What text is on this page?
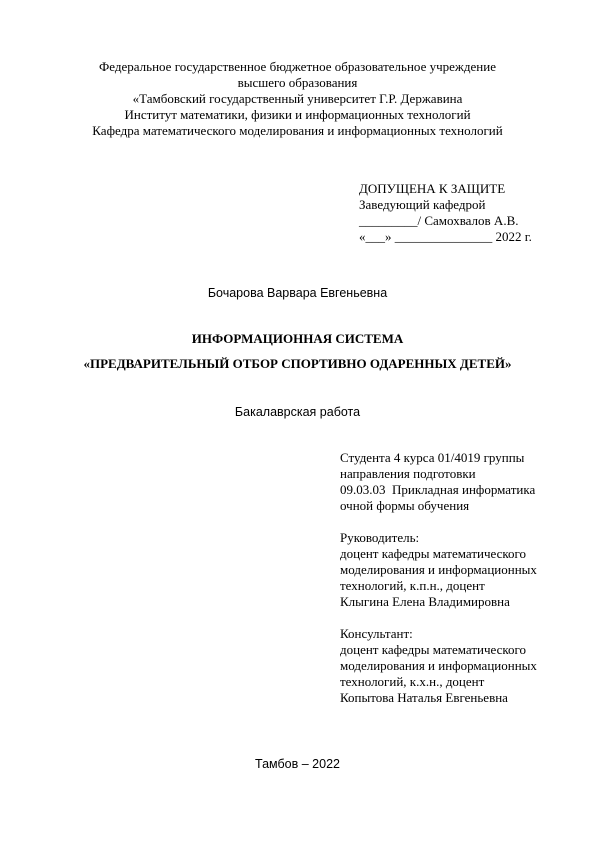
Федеральное государственное бюджетное образовательное учреждение
высшего образования
«Тамбовский государственный университет Г.Р. Державина
Институт математики, физики и информационных технологий
Кафедра математического моделирования и информационных технологий
ДОПУЩЕНА К ЗАЩИТЕ
Заведующий кафедрой
_________/ Самохвалов А.В.
«___» _______________ 2022 г.
Бочарова Варвара Евгеньевна
ИНФОРМАЦИОННАЯ СИСТЕМА
«ПРЕДВАРИТЕЛЬНЫЙ ОТБОР СПОРТИВНО ОДАРЕННЫХ ДЕТЕЙ»
Бакалаврская работа
Студента 4 курса 01/4019 группы
направления подготовки
09.03.03  Прикладная информатика
очной формы обучения
Руководитель:
доцент кафедры математического
моделирования и информационных
технологий, к.п.н., доцент
Клыгина Елена Владимировна
Консультант:
доцент кафедры математического
моделирования и информационных
технологий, к.х.н., доцент
Копытова Наталья Евгеньевна
Тамбов – 2022
